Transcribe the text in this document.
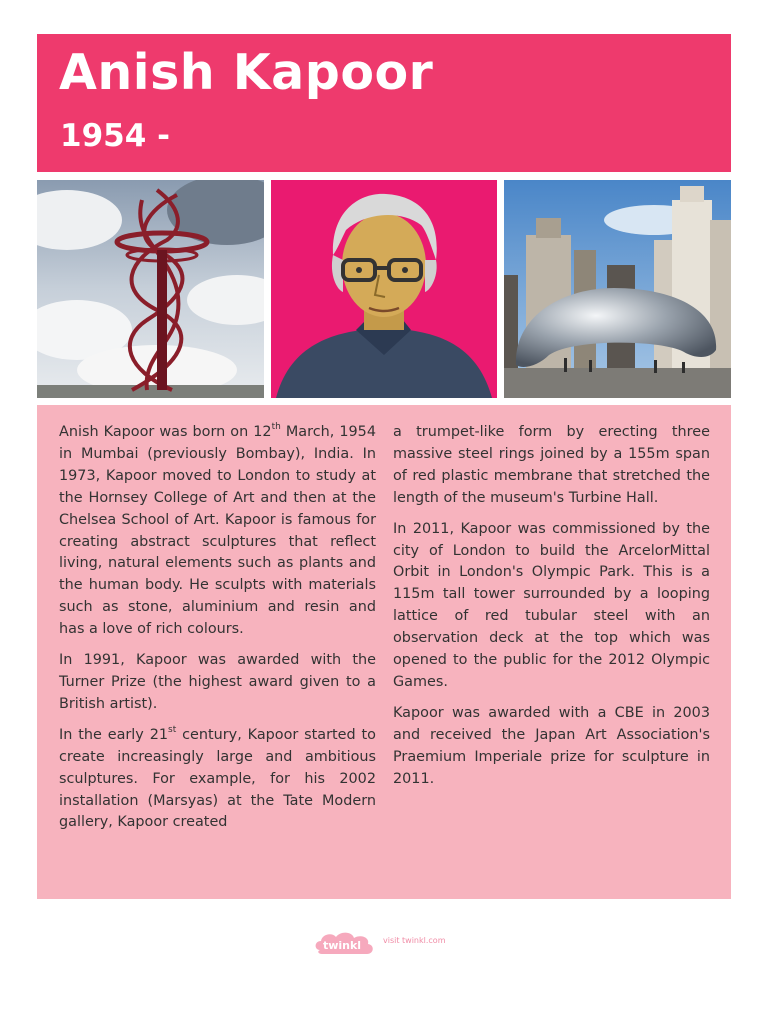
Anish Kapoor
1954 -

Anish Kapoor was born on 12th March, 1954 in Mumbai (previously Bombay), India. In 1973, Kapoor moved to London to study at the Hornsey College of Art and then at the Chelsea School of Art. Kapoor is famous for creating abstract sculptures that reflect living, natural elements such as plants and the human body. He sculpts with materials such as stone, aluminium and resin and has a love of rich colours.

In 1991, Kapoor was awarded with the Turner Prize (the highest award given to a British artist).

In the early 21st century, Kapoor started to create increasingly large and ambitious sculptures. For example, for his 2002 installation (Marsyas) at the Tate Modern gallery, Kapoor created

a trumpet-like form by erecting three massive steel rings joined by a 155m span of red plastic membrane that stretched the length of the museum's Turbine Hall.

In 2011, Kapoor was commissioned by the city of London to build the ArcelorMittal Orbit in London's Olympic Park. This is a 115m tall tower surrounded by a looping lattice of red tubular steel with an observation deck at the top which was opened to the public for the 2012 Olympic Games.

Kapoor was awarded with a CBE in 2003 and received the Japan Art Association's Praemium Imperiale prize for sculpture in 2011.

twinkl	visit twinkl.com
